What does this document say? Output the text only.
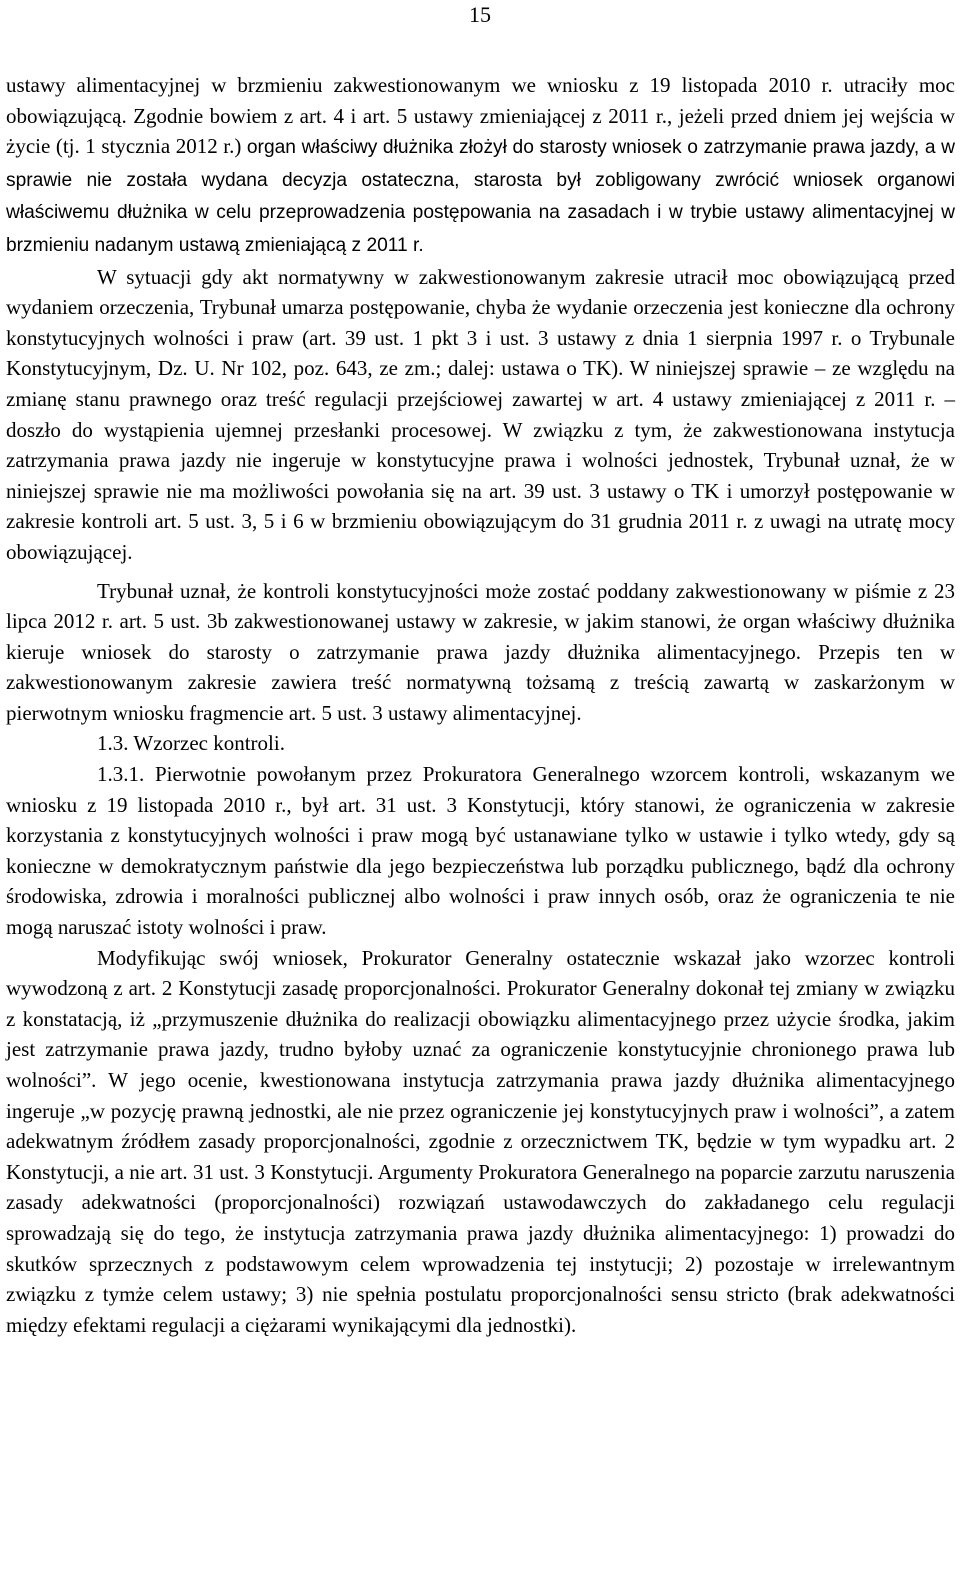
15

ustawy alimentacyjnej w brzmieniu zakwestionowanym we wniosku z 19 listopada 2010 r. utraciły moc obowiązującą. Zgodnie bowiem z art. 4 i art. 5 ustawy zmieniającej z 2011 r., jeżeli przed dniem jej wejścia w życie (tj. 1 stycznia 2012 r.) organ właściwy dłużnika złożył do starosty wniosek o zatrzymanie prawa jazdy, a w sprawie nie została wydana decyzja ostateczna, starosta był zobligowany zwrócić wniosek organowi właściwemu dłużnika w celu przeprowadzenia postępowania na zasadach i w trybie ustawy alimentacyjnej w brzmieniu nadanym ustawą zmieniającą z 2011 r.

W sytuacji gdy akt normatywny w zakwestionowanym zakresie utracił moc obowiązującą przed wydaniem orzeczenia, Trybunał umarza postępowanie, chyba że wydanie orzeczenia jest konieczne dla ochrony konstytucyjnych wolności i praw (art. 39 ust. 1 pkt 3 i ust. 3 ustawy z dnia 1 sierpnia 1997 r. o Trybunale Konstytucyjnym, Dz. U. Nr 102, poz. 643, ze zm.; dalej: ustawa o TK). W niniejszej sprawie – ze względu na zmianę stanu prawnego oraz treść regulacji przejściowej zawartej w art. 4 ustawy zmieniającej z 2011 r. – doszło do wystąpienia ujemnej przesłanki procesowej. W związku z tym, że zakwestionowana instytucja zatrzymania prawa jazdy nie ingeruje w konstytucyjne prawa i wolności jednostek, Trybunał uznał, że w niniejszej sprawie nie ma możliwości powołania się na art. 39 ust. 3 ustawy o TK i umorzył postępowanie w zakresie kontroli art. 5 ust. 3, 5 i 6 w brzmieniu obowiązującym do 31 grudnia 2011 r. z uwagi na utratę mocy obowiązującej.

Trybunał uznał, że kontroli konstytucyjności może zostać poddany zakwestionowany w piśmie z 23 lipca 2012 r. art. 5 ust. 3b zakwestionowanej ustawy w zakresie, w jakim stanowi, że organ właściwy dłużnika kieruje wniosek do starosty o zatrzymanie prawa jazdy dłużnika alimentacyjnego. Przepis ten w zakwestionowanym zakresie zawiera treść normatywną tożsamą z treścią zawartą w zaskarżonym w pierwotnym wniosku fragmencie art. 5 ust. 3 ustawy alimentacyjnej.

1.3. Wzorzec kontroli.

1.3.1. Pierwotnie powołanym przez Prokuratora Generalnego wzorcem kontroli, wskazanym we wniosku z 19 listopada 2010 r., był art. 31 ust. 3 Konstytucji, który stanowi, że ograniczenia w zakresie korzystania z konstytucyjnych wolności i praw mogą być ustanawiane tylko w ustawie i tylko wtedy, gdy są konieczne w demokratycznym państwie dla jego bezpieczeństwa lub porządku publicznego, bądź dla ochrony środowiska, zdrowia i moralności publicznej albo wolności i praw innych osób, oraz że ograniczenia te nie mogą naruszać istoty wolności i praw.

Modyfikując swój wniosek, Prokurator Generalny ostatecznie wskazał jako wzorzec kontroli wywodzoną z art. 2 Konstytucji zasadę proporcjonalności. Prokurator Generalny dokonał tej zmiany w związku z konstatacją, iż „przymuszenie dłużnika do realizacji obowiązku alimentacyjnego przez użycie środka, jakim jest zatrzymanie prawa jazdy, trudno byłoby uznać za ograniczenie konstytucyjnie chronionego prawa lub wolności”. W jego ocenie, kwestionowana instytucja zatrzymania prawa jazdy dłużnika alimentacyjnego ingeruje „w pozycję prawną jednostki, ale nie przez ograniczenie jej konstytucyjnych praw i wolności”, a zatem adekwatnym źródłem zasady proporcjonalności, zgodnie z orzecznictwem TK, będzie w tym wypadku art. 2 Konstytucji, a nie art. 31 ust. 3 Konstytucji. Argumenty Prokuratora Generalnego na poparcie zarzutu naruszenia zasady adekwatności (proporcjonalności) rozwiązań ustawodawczych do zakładanego celu regulacji sprowadzają się do tego, że instytucja zatrzymania prawa jazdy dłużnika alimentacyjnego: 1) prowadzi do skutków sprzecznych z podstawowym celem wprowadzenia tej instytucji; 2) pozostaje w irrelewantnym związku z tymże celem ustawy; 3) nie spełnia postulatu proporcjonalności sensu stricto (brak adekwatności między efektami regulacji a ciężarami wynikającymi dla jednostki).
